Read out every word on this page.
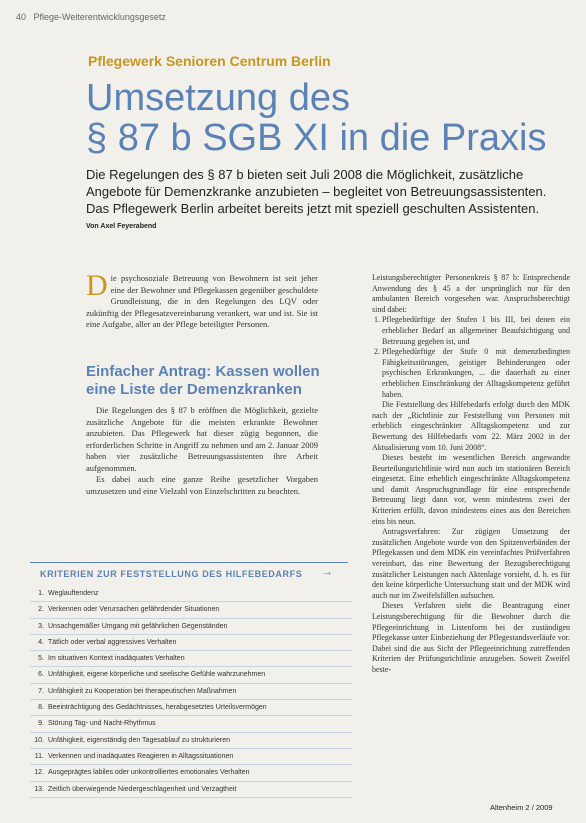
40 Pflege-Weiterentwicklungsgesetz
Pflegewerk Senioren Centrum Berlin
Umsetzung des
§ 87 b SGB XI in die Praxis
Die Regelungen des § 87 b bieten seit Juli 2008 die Möglichkeit, zusätzliche Angebote für Demenzkranke anzubieten – begleitet von Betreuungsassistenten. Das Pflegewerk Berlin arbeitet bereits jetzt mit speziell geschulten Assistenten.
Von Axel Feyerabend
Die psychosoziale Betreuung von Bewohnern ist seit jeher eine der Bewohner und Pflegekassen gegenüber geschuldete Grundleistung, die in den Regelungen des LQV oder zukünftig der Pflegesatzvereinbarung verankert, war und ist. Sie ist eine Aufgabe, aller an der Pflege beteiligter Personen.
Einfacher Antrag: Kassen wollen eine Liste der Demenzkranken

Die Regelungen des § 87 b eröffnen die Möglichkeit, gezielte zusätzliche Angebote für die meisten erkrankte Bewohner anzubieten. Das Pflegewerk hat dieser zügig begonnen, die erforderlichen Schritte in Angriff zu nehmen und am 2. Januar 2009 haben vier zusätzliche Betreuungsassistenten ihre Arbeit aufgenommen.

Es dabei auch eine ganze Reihe gesetzlicher Vorgaben umzusetzen und eine Vielzahl von Einzelschritten zu beachten.

Leistungsberechtigter Personenkreis § 87 b: Entsprechende Anwendung des § 45 a der ursprünglich nur für den ambulanten Bereich vorgesehen war. Anspruchsberechtigt sind dabei:

1. Pflegebedürftige der Stufen I bis III, bei denen ein erheblicher Bedarf an allgemeiner Beaufsichtigung und Betreuung gegeben ist, und
2. Pflegebedürftige der Stufe 0 mit demenzbedingten Fähigkeitsstörungen, geistiger Behinderungen oder psychischen Erkrankungen, ... die dauerhaft zu einer erheblichen Einschränkung der Alltagskompetenz geführt haben.

Die Feststellung des Hilfebedarfs erfolgt durch den MDK nach der „Richtlinie zur Feststellung von Personen mit erheblich eingeschränkter Alltagskompetenz und zur Bewertung des Hilfebedarfs vom 22. März 2002 in der Aktualisierung vom 10. Juni 2008“.

Dieses besteht im wesentlichen Bereich angewandte Beurteilungsrichtlinie wird nun auch im stationären Bereich eingesetzt. Eine erheblich eingeschränkte Alltagskompetenz und damit Anspruchsgrundlage für eine entsprechende Betreuung liegt dann vor, wenn mindestens zwei der Kriterien erfüllt, davon mindestens eines aus den Bereichen eins bis neun.

Antragsverfahren: Zur zügigen Umsetzung der zusätzlichen Angebote wurde von den Spitzenverbänden der Pflegekassen und dem MDK ein vereinfachtes Prüfverfahren vereinbart, das eine Bewertung der Bezugsberechtigung zusätzlicher Leistungen nach Aktenlage vorsieht, d. h. es für den keine körperliche Untersuchung statt und der MDK wird auch nur im Zweifelsfällen aufsuchen.

Dieses Verfahren sieht die Beantragung einer Leistungsberechtigung für die Bewohner durch die Pflegeeinrichtung in Listenform bei der zuständigen Pflegekasse unter Einbeziehung der Pflegestandsverläufe vor. Dabei sind die aus Sicht der Pflegeeinrichtung zutreffenden Kriterien der Prüfungsrichtlinie anzugeben. Soweit Zweifel beste-

KRITERIEN ZUR FESTSTELLUNG DES HILFEBEDARFS →
1. Weglauftendenz
2. Verkennen oder Verursachen gefährdender Situationen
3. Unsachgemäßer Umgang mit gefährlichen Gegenständen
4. Tätlich oder verbal aggressives Verhalten
5. Im situativen Kontext inadäquates Verhalten
6. Unfähigkeit, eigene körperliche und seelische Gefühle wahrzunehmen
7. Unfähigkeit zu Kooperation bei therapeutischen Maßnahmen
8. Beeinträchtigung des Gedächtnisses, herabgesetztes Urteilsvermögen
9. Störung Tag- und Nacht-Rhythmus
10. Unfähigkeit, eigenständig den Tagesablauf zu strukturieren
11. Verkennen und inadäquates Reagieren in Alltagssituationen
12. Ausgeprägtes labiles oder unkontrolliertes emotionales Verhalten
13. Zeitlich überwiegende Niedergeschlagenheit und Verzagtheit
Altenheim 2 / 2009
